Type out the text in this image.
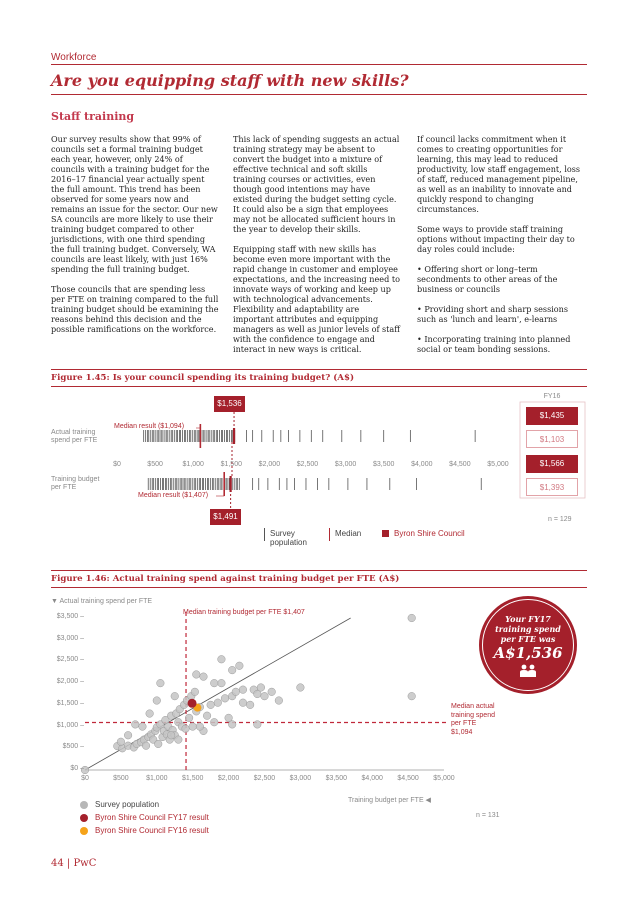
Workforce
Are you equipping staff with new skills?
Staff training

Our survey results show that 99% of councils set a formal training budget each year, however, only 24% of councils with a training budget for the 2016–17 financial year actually spent the full amount. This trend has been observed for some years now and remains an issue for the sector. Our new SA councils are more likely to use their training budget compared to other jurisdictions, with one third spending the full training budget. Conversely, WA councils are least likely, with just 16% spending the full training budget.

Those councils that are spending less per FTE on training compared to the full training budget should be examining the reasons behind this decision and the possible ramifications on the workforce.

This lack of spending suggests an actual training strategy may be absent to convert the budget into a mixture of effective technical and soft skills training courses or activities, even though good intentions may have existed during the budget setting cycle. It could also be a sign that employees may not be allocated sufficient hours in the year to develop their skills.

Equipping staff with new skills has become even more important with the rapid change in customer and employee expectations, and the increasing need to innovate ways of working and keep up with technological advancements. Flexibility and adaptability are important attributes and equipping managers as well as junior levels of staff with the confidence to engage and interact in new ways is critical.

If council lacks commitment when it comes to creating opportunities for learning, this may lead to reduced productivity, low staff engagement, loss of staff, reduced management pipeline, as well as an inability to innovate and quickly respond to changing circumstances.

Some ways to provide staff training options without impacting their day to day roles could include:

• Offering short or long–term secondments to other areas of the business or councils

• Providing short and sharp sessions such as 'lunch and learn', e-learns

• Incorporating training into planned social or team bonding sessions.

Figure 1.45: Is your council spending its training budget? (A$)
Actual training spend per FTE
Training budget per FTE
Median result ($1,094)
Median result ($1,407)
$1,536
$1,491
$0	$500	$1,000	$1,500	$2,000	$2,500	$3,000	$3,500	$4,000	$4,500	$5,000
FY16
$1,435
$1,103
$1,566
$1,393
n = 129
Survey population
Median	Byron Shire Council
Figure 1.46: Actual training spend against training budget per FTE (A$)
▼ Actual training spend per FTE
Median training budget per FTE $1,407
Median actual
training spend
per FTE
$1,094
$0	$500	$1,000	$1,500	$2,000	$2,500	$3,000	$3,500	$4,000	$4,500	$5,000
$3,500 –
$3,000 –
$2,500 –
$2,000 –
$1,500 –
$1,000 –
$500 –
$0 –
Training budget per FTE ◀
n = 131
Survey population
Byron Shire Council FY17 result
Byron Shire Council FY16 result
Your FY17
training spend
per FTE was
A$1,536
44 | PwC
